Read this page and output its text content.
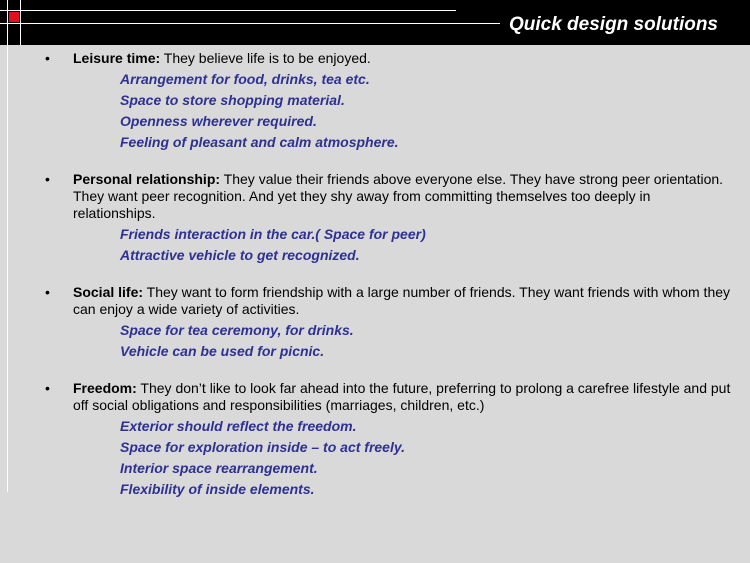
Quick design solutions
• Leisure time: They believe life is to be enjoyed.
Arrangement for food, drinks, tea etc.
Space to store shopping material.
Openness wherever required.
Feeling of pleasant and calm atmosphere.
• Personal relationship: They value their friends above everyone else. They have strong peer orientation. They want peer recognition. And yet they shy away from committing themselves too deeply in relationships.
Friends interaction in the car.( Space for peer)
Attractive vehicle to get recognized.
• Social life: They want to form friendship with a large number of friends. They want friends with whom they can enjoy a wide variety of activities.
Space for tea ceremony, for drinks.
Vehicle can be used for picnic.
• Freedom: They don’t like to look far ahead into the future, preferring to prolong a carefree lifestyle and put off social obligations and responsibilities (marriages, children, etc.)
Exterior should reflect the freedom.
Space for exploration inside – to act freely.
Interior space rearrangement.
Flexibility of inside elements.
